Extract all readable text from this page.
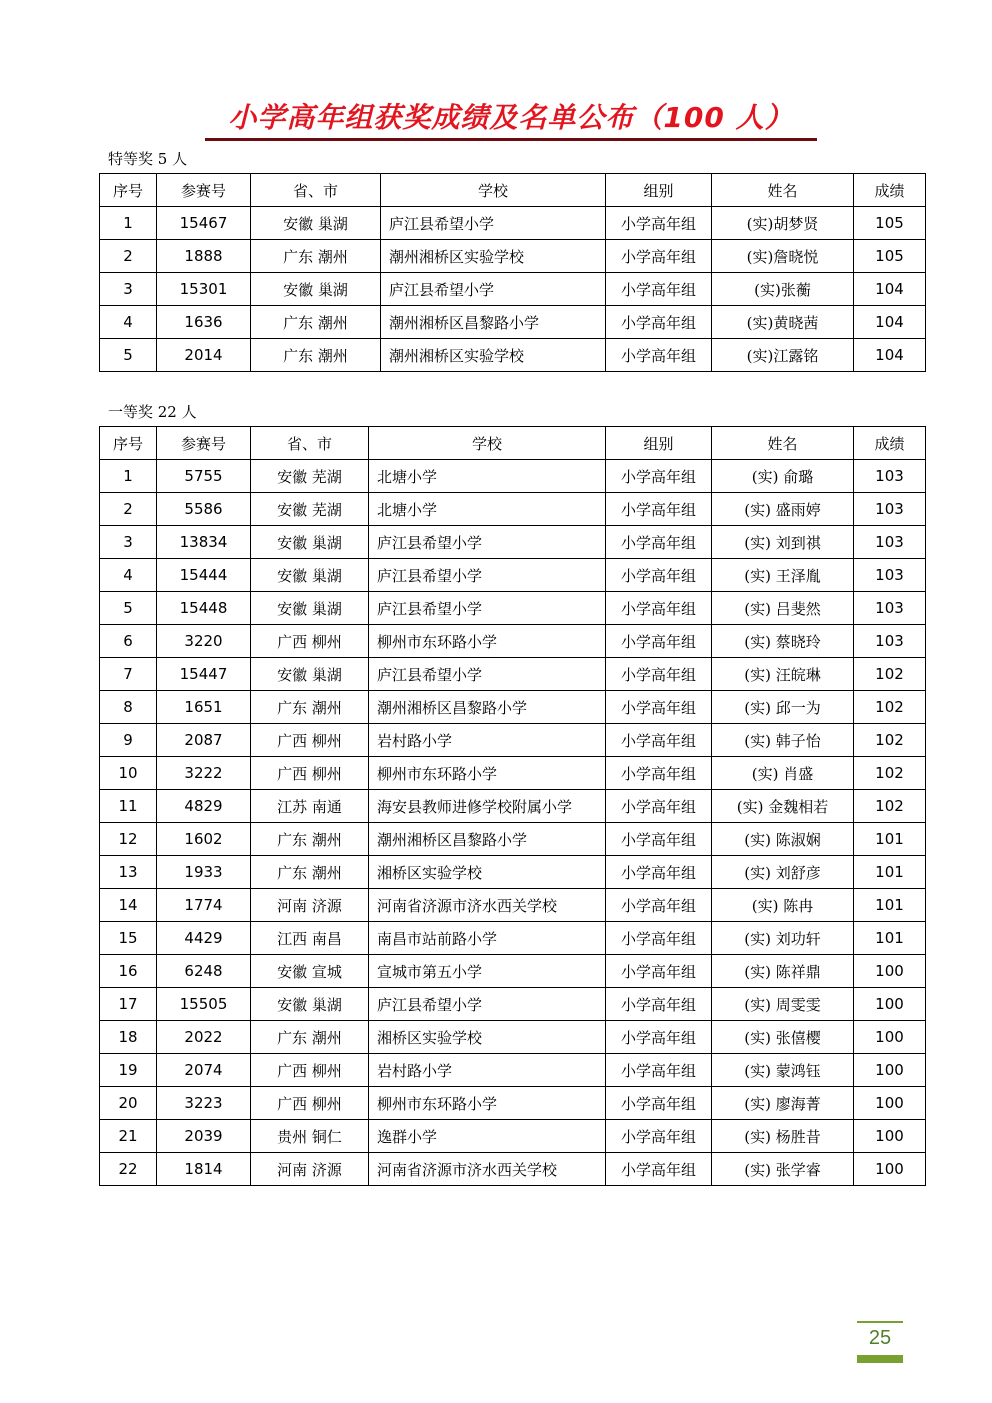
小学高年组获奖成绩及名单公布（100 人）
特等奖 5 人
序号	参赛号	省、市	学校	组别	姓名	成绩
1	15467	安徽 巢湖	庐江县希望小学	小学高年组	(实)胡梦贤	105
2	1888	广东 潮州	潮州湘桥区实验学校	小学高年组	(实)詹晓悦	105
3	15301	安徽 巢湖	庐江县希望小学	小学高年组	(实)张蘅	104
4	1636	广东 潮州	潮州湘桥区昌黎路小学	小学高年组	(实)黄晓茜	104
5	2014	广东 潮州	潮州湘桥区实验学校	小学高年组	(实)江露铭	104
一等奖 22 人
序号	参赛号	省、市	学校	组别	姓名	成绩
1	5755	安徽 芜湖	北塘小学	小学高年组	(实) 俞璐	103
2	5586	安徽 芜湖	北塘小学	小学高年组	(实) 盛雨婷	103
3	13834	安徽 巢湖	庐江县希望小学	小学高年组	(实) 刘到祺	103
4	15444	安徽 巢湖	庐江县希望小学	小学高年组	(实) 王泽胤	103
5	15448	安徽 巢湖	庐江县希望小学	小学高年组	(实) 吕斐然	103
6	3220	广西 柳州	柳州市东环路小学	小学高年组	(实) 蔡晓玲	103
7	15447	安徽 巢湖	庐江县希望小学	小学高年组	(实) 汪皖琳	102
8	1651	广东 潮州	潮州湘桥区昌黎路小学	小学高年组	(实) 邱一为	102
9	2087	广西 柳州	岩村路小学	小学高年组	(实) 韩子怡	102
10	3222	广西 柳州	柳州市东环路小学	小学高年组	(实) 肖盛	102
11	4829	江苏 南通	海安县教师进修学校附属小学	小学高年组	(实) 金魏相若	102
12	1602	广东 潮州	潮州湘桥区昌黎路小学	小学高年组	(实) 陈淑娴	101
13	1933	广东 潮州	湘桥区实验学校	小学高年组	(实) 刘舒彦	101
14	1774	河南 济源	河南省济源市济水西关学校	小学高年组	(实) 陈冉	101
15	4429	江西 南昌	南昌市站前路小学	小学高年组	(实) 刘功轩	101
16	6248	安徽 宣城	宣城市第五小学	小学高年组	(实) 陈祥鼎	100
17	15505	安徽 巢湖	庐江县希望小学	小学高年组	(实) 周雯雯	100
18	2022	广东 潮州	湘桥区实验学校	小学高年组	(实) 张僖樱	100
19	2074	广西 柳州	岩村路小学	小学高年组	(实) 蒙鸿钰	100
20	3223	广西 柳州	柳州市东环路小学	小学高年组	(实) 廖海菁	100
21	2039	贵州 铜仁	逸群小学	小学高年组	(实) 杨胜昔	100
22	1814	河南 济源	河南省济源市济水西关学校	小学高年组	(实) 张学睿	100
25
